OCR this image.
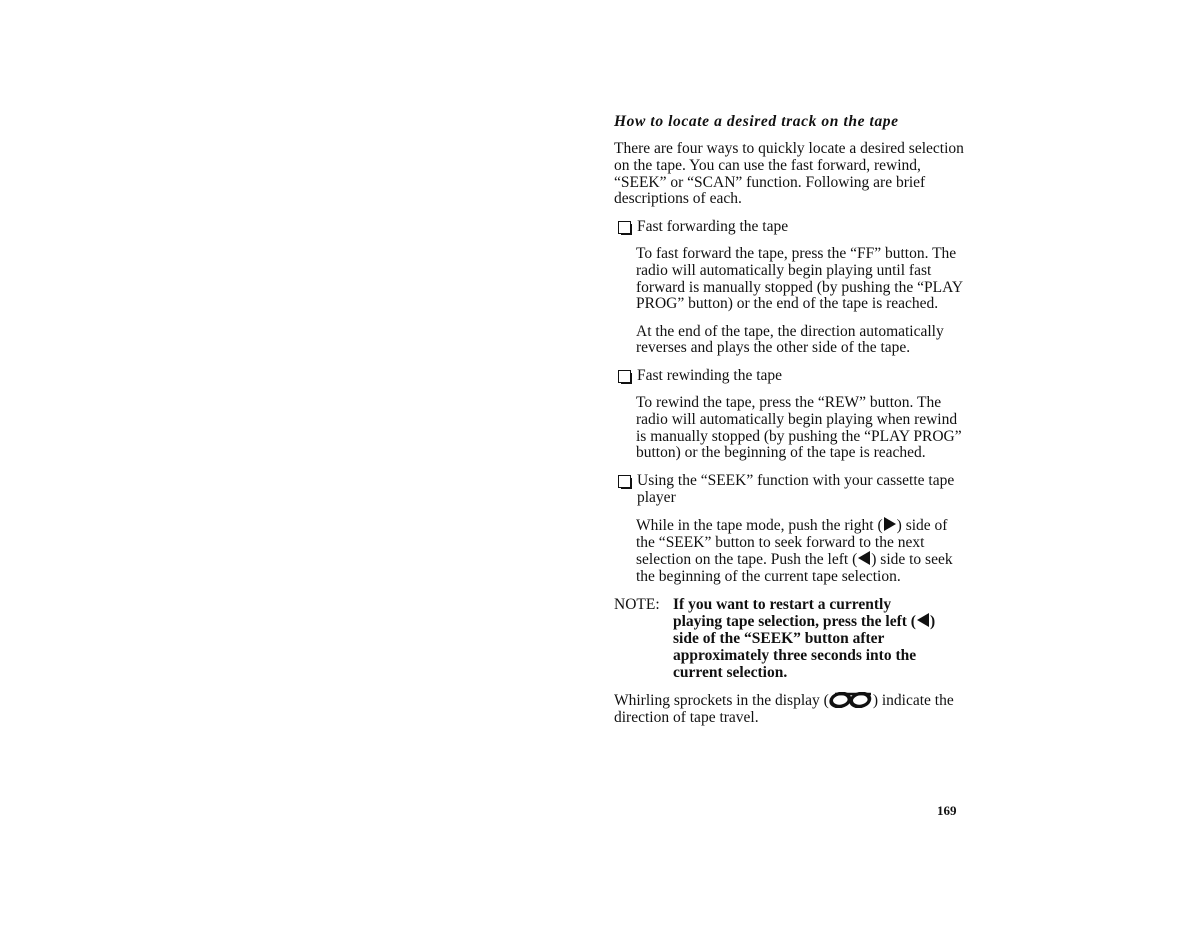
How to locate a desired track on the tape

There are four ways to quickly locate a desired selection on the tape. You can use the fast forward, rewind, “SEEK” or “SCAN” function. Following are brief descriptions of each.

Fast forwarding the tape

To fast forward the tape, press the “FF” button. The radio will automatically begin playing until fast forward is manually stopped (by pushing the “PLAY PROG” button) or the end of the tape is reached.

At the end of the tape, the direction automatically reverses and plays the other side of the tape.

Fast rewinding the tape

To rewind the tape, press the “REW” button. The radio will automatically begin playing when rewind is manually stopped (by pushing the “PLAY PROG” button) or the beginning of the tape is reached.

Using the “SEEK” function with your cassette tape player

While in the tape mode, push the right ( ) side of the “SEEK” button to seek forward to the next selection on the tape. Push the left ( ) side to seek the beginning of the current tape selection.

NOTE: If you want to restart a currently playing tape selection, press the left ( ) side of the “SEEK” button after approximately three seconds into the current selection.

Whirling sprockets in the display (	) indicate the direction of tape travel.

169
